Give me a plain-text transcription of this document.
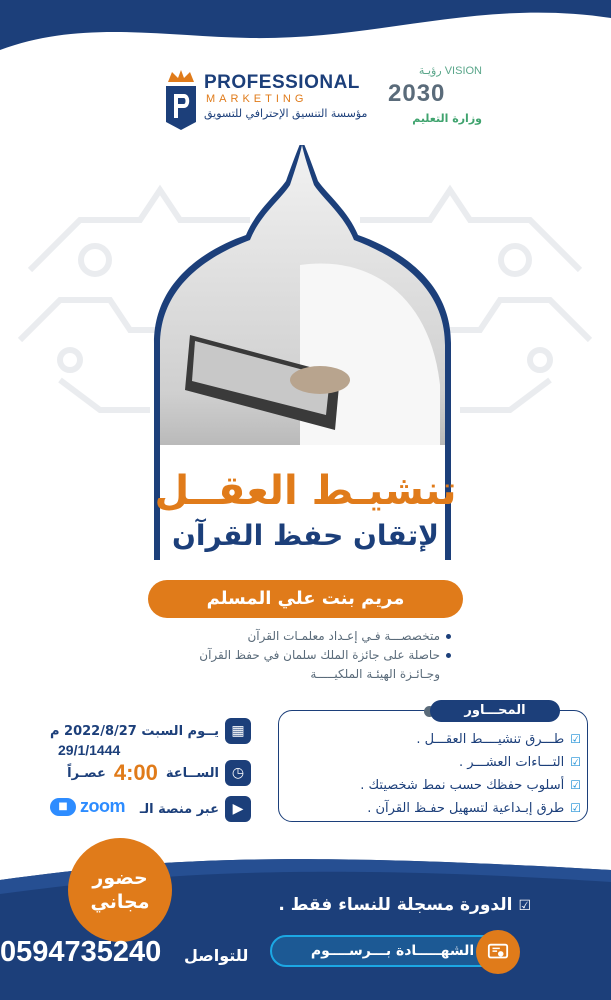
PROFESSIONAL
MARKETING
مؤسسة التنسيق الإحترافي للتسويق
رؤيـة VISION
2030
وزارة التعليم
تنشيـط العقــل
لإتقان حفظ القرآن
مريم بنت علي المسلم
متخصصـــة فـي إعـداد معلمـات القرآن
حاصلة على جائزة الملك سلمان في حفظ القرآن
وجـائـزة الهيئـة الملكيـــــة
المحـــاور
☑طـــرق تنشيــــط العقـــل .
☑التـــاءات العشـــر .
☑أسلوب حفظك حسب نمط شخصيتك .
☑طرق إبـداعية لتسهيل حفـظ القرآن .
▦
يــوم السبت 2022/8/27 م
29/1/1444
◷
الســاعة
4:00
عصـراً
▶
عبر منصة الـ
■ zoom
حضور
مجاني	☑الدورة مسجلة للنساء فقط .
الشهـــــادة بـــرســــوم
للتواصل
0594735240
